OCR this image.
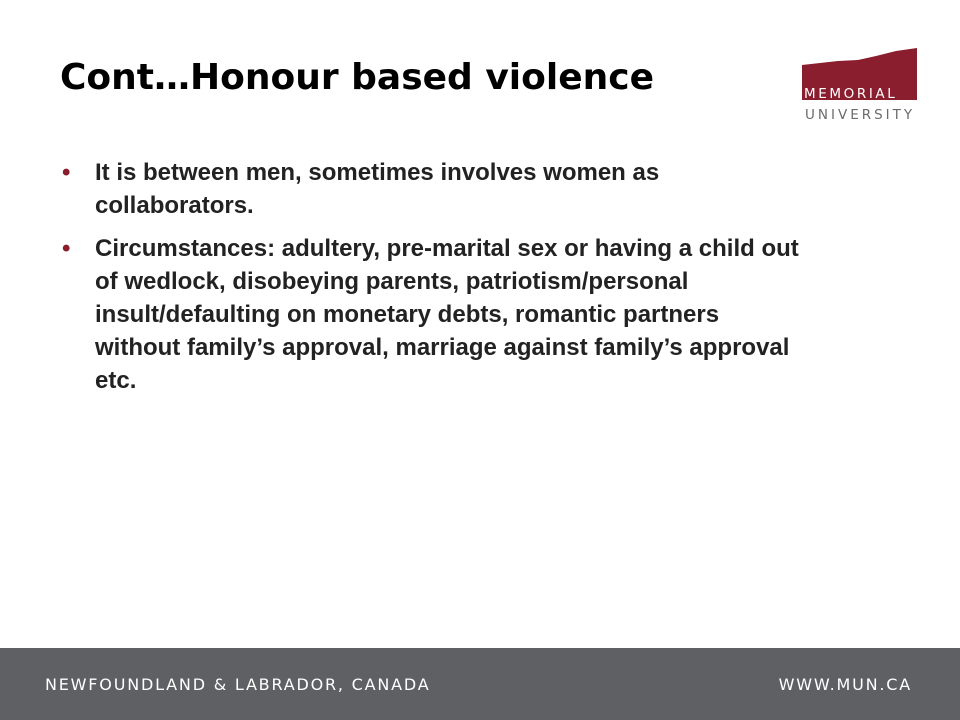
Cont…Honour based violence	MEMORIAL
UNIVERSITY
• It is between men, sometimes involves women as collaborators.
• Circumstances: adultery, pre-marital sex or having a child out of wedlock, disobeying parents, patriotism/personal insult/defaulting on monetary debts, romantic partners without family’s approval, marriage against family’s approval etc.
NEWFOUNDLAND & LABRADOR, CANADA	WWW.MUN.CA
